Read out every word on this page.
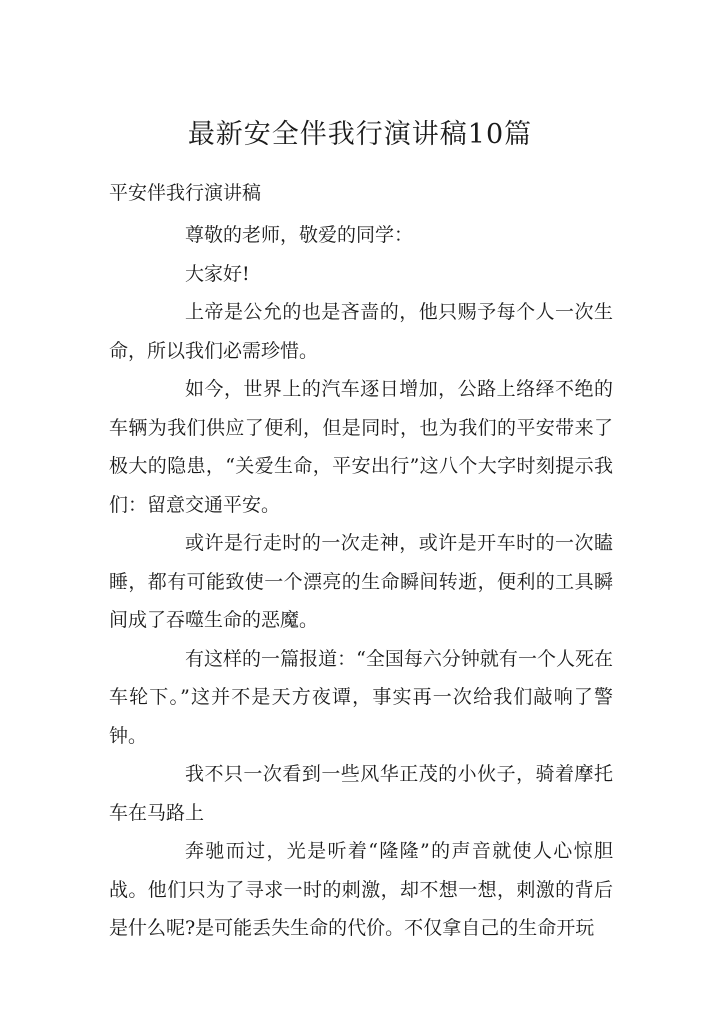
最新安全伴我行演讲稿10篇

平安伴我行演讲稿

尊敬的老师，敬爱的同学：

大家好!

上帝是公允的也是吝啬的，他只赐予每个人一次生命，所以我们必需珍惜。

如今，世界上的汽车逐日增加，公路上络绎不绝的车辆为我们供应了便利，但是同时，也为我们的平安带来了极大的隐患，“关爱生命，平安出行”这八个大字时刻提示我们：留意交通平安。

或许是行走时的一次走神，或许是开车时的一次瞌睡，都有可能致使一个漂亮的生命瞬间转逝，便利的工具瞬间成了吞噬生命的恶魔。

有这样的一篇报道：“全国每六分钟就有一个人死在车轮下。”这并不是天方夜谭，事实再一次给我们敲响了警钟。

我不只一次看到一些风华正茂的小伙子，骑着摩托车在马路上

奔驰而过，光是听着“隆隆”的声音就使人心惊胆战。他们只为了寻求一时的刺激，却不想一想，刺激的背后是什么呢?是可能丢失生命的代价。不仅拿自己的生命开玩
